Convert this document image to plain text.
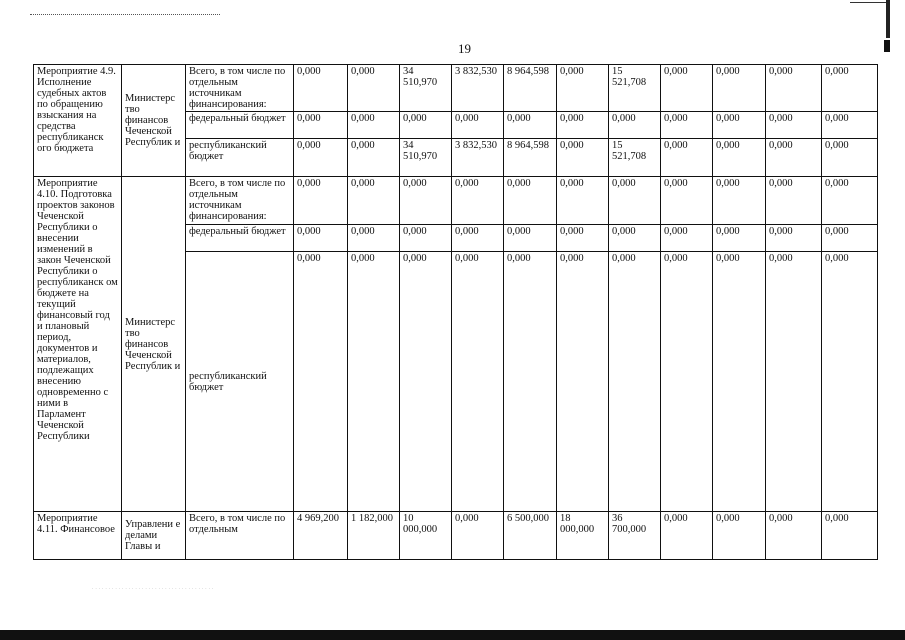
19
Мероприятие 4.9. Исполнение судебных актов по обращению взыскания на средства республиканск ого бюджета	Министерс тво финансов Чеченской Республик и	Всего, в том числе по отдельным источникам финансирования:	0,000	0,000	34 510,970	3 832,530	8 964,598	0,000	15 521,708	0,000	0,000	0,000	0,000
		федеральный бюджет	0,000	0,000	0,000	0,000	0,000	0,000	0,000	0,000	0,000	0,000	0,000
		республиканский бюджет	0,000	0,000	34 510,970	3 832,530	8 964,598	0,000	15 521,708	0,000	0,000	0,000	0,000
Мероприятие 4.10. Подготовка проектов законов Чеченской Республики о внесении изменений в закон Чеченской Республики о республиканск ом бюджете на текущий финансовый год и плановый период, документов и материалов, подлежащих внесению одновременно с ними в Парламент Чеченской Республики	Министерс тво финансов Чеченской Республик и	Всего, в том числе по отдельным источникам финансирования:	0,000	0,000	0,000	0,000	0,000	0,000	0,000	0,000	0,000	0,000	0,000
		федеральный бюджет	0,000	0,000	0,000	0,000	0,000	0,000	0,000	0,000	0,000	0,000	0,000
		республиканский бюджет	0,000	0,000	0,000	0,000	0,000	0,000	0,000	0,000	0,000	0,000	0,000
Мероприятие 4.11. Финансовое	Управлени е делами Главы и	Всего, в том числе по отдельным	4 969,200	1 182,000	10 000,000	0,000	6 500,000	18 000,000	36 700,000	0,000	0,000	0,000	0,000
· · · · · · · · · · · · · · · · · · · · · · · · · · · · · · · · · · · · ·
